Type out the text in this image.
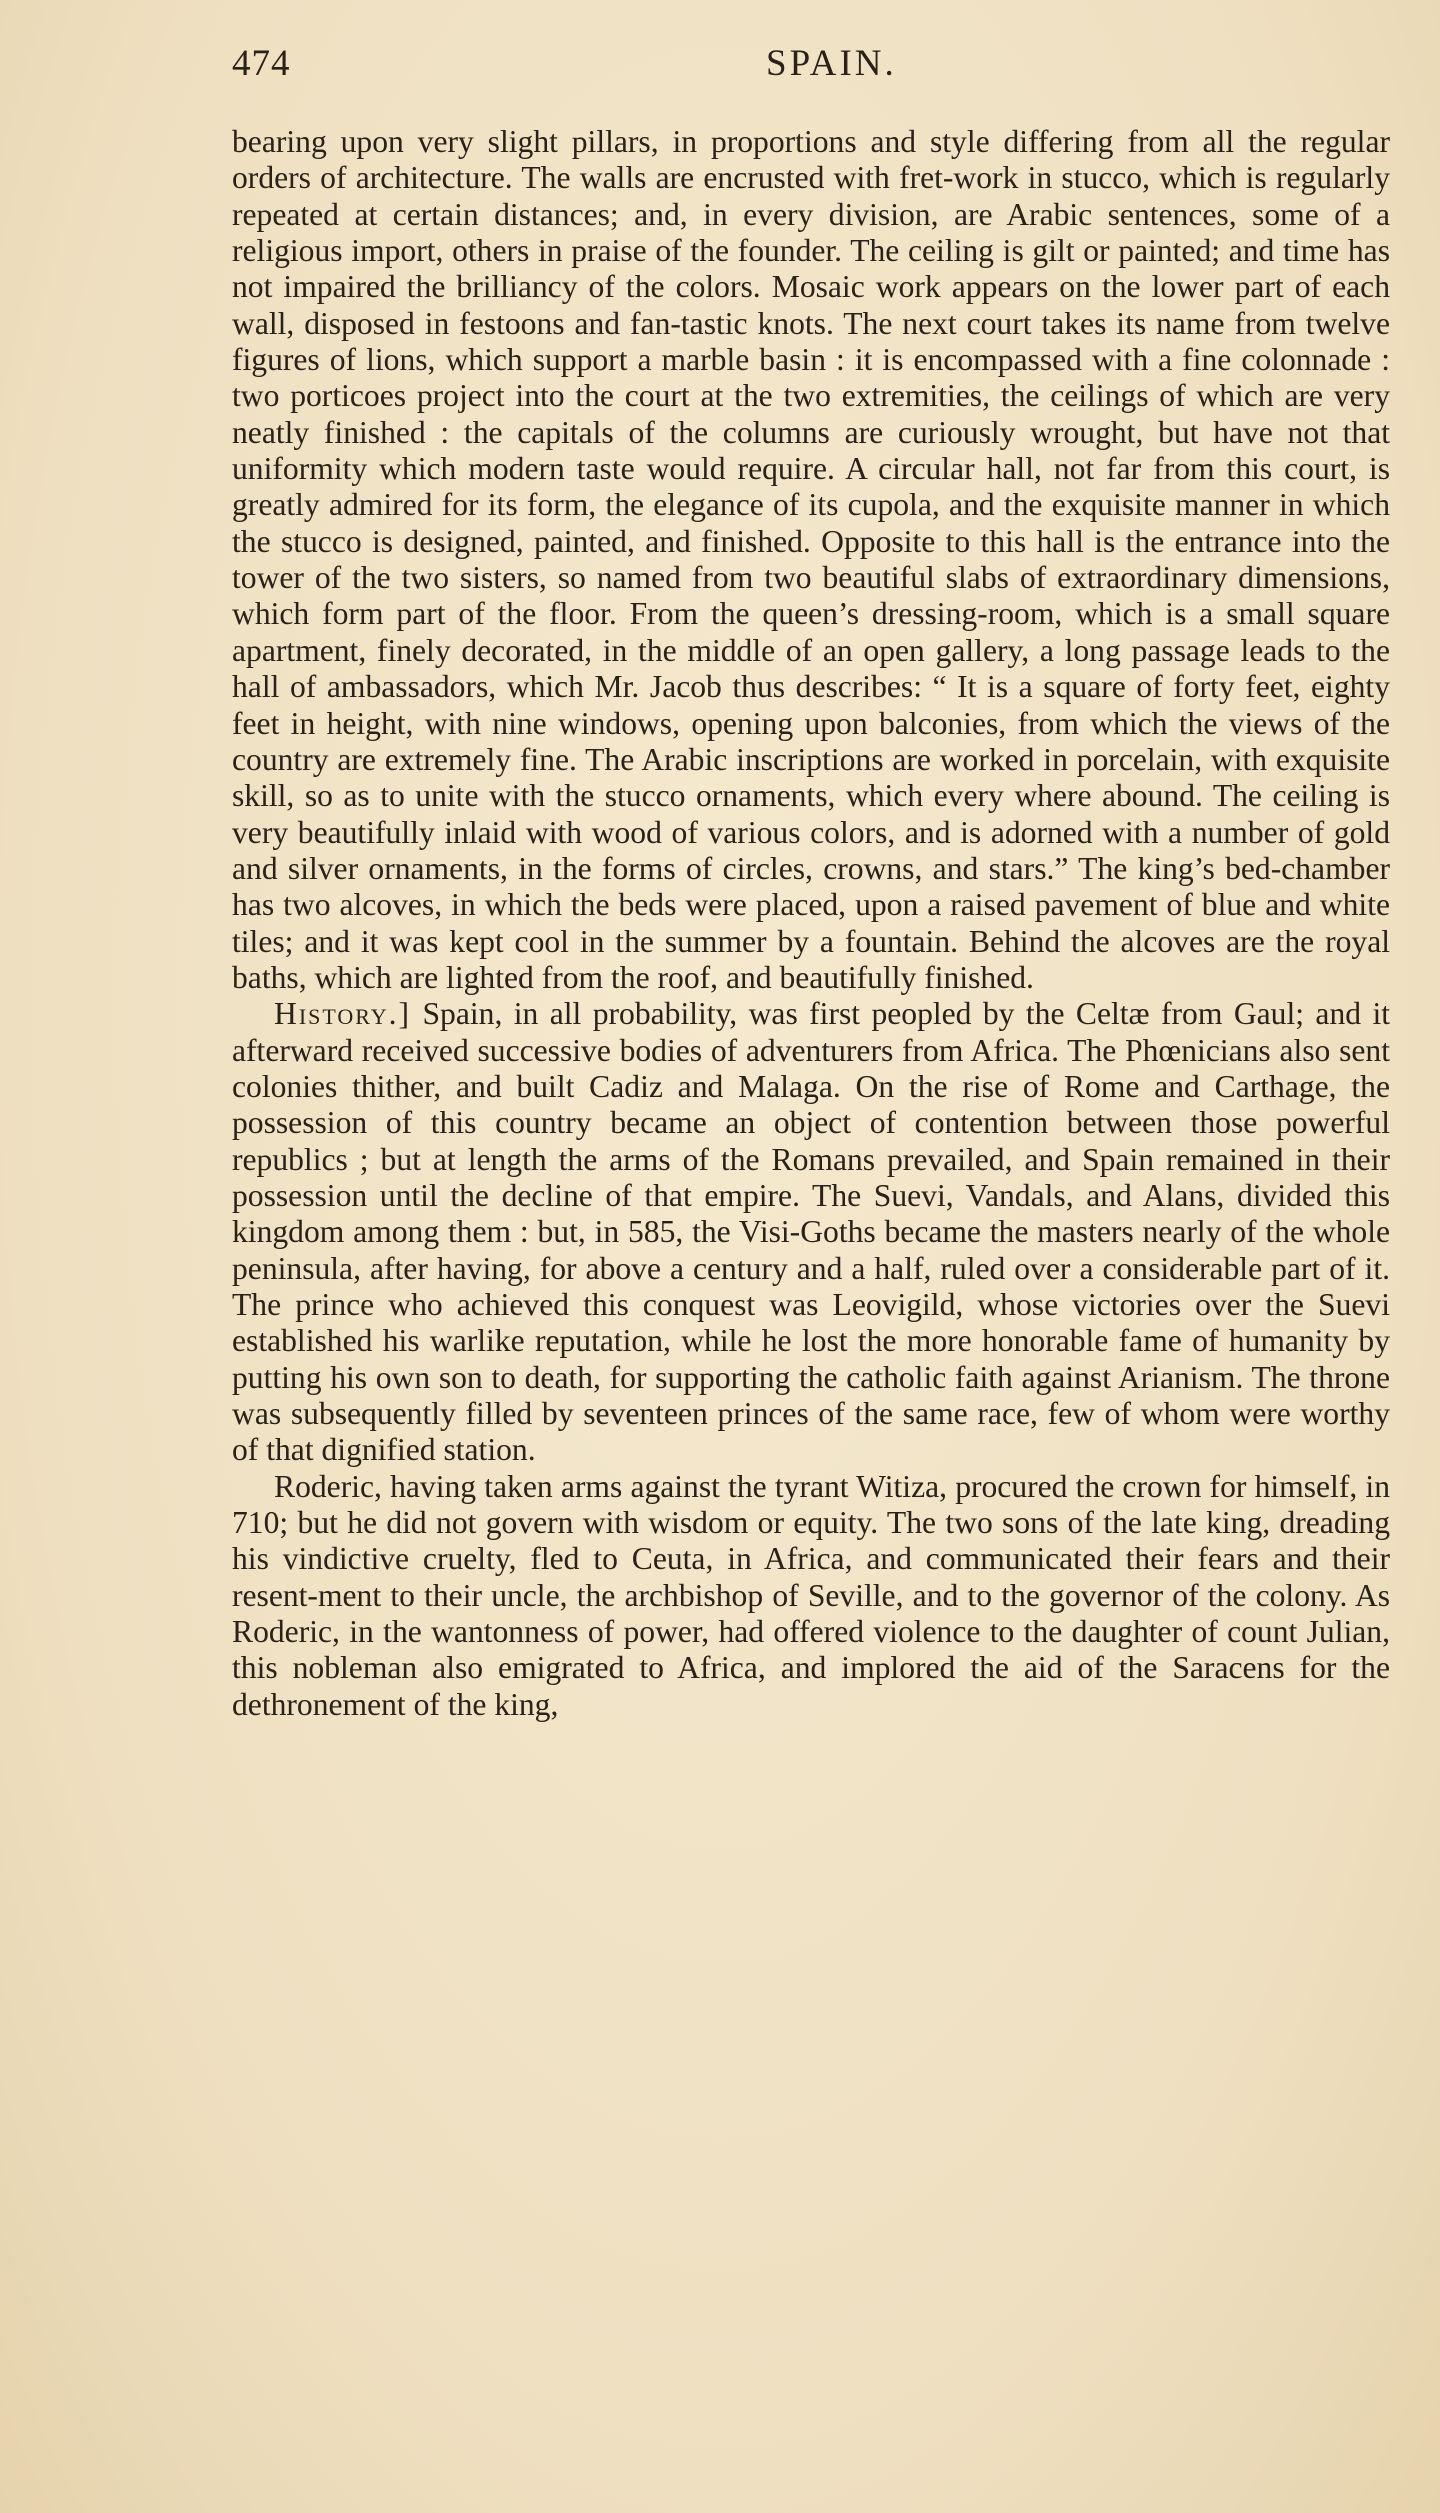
474	SPAIN.

bearing upon very slight pillars, in proportions and style differing from all the regular orders of architecture. The walls are encrusted with fret-work in stucco, which is regularly repeated at certain distances; and, in every division, are Arabic sentences, some of a religious import, others in praise of the founder. The ceiling is gilt or painted; and time has not impaired the brilliancy of the colors. Mosaic work appears on the lower part of each wall, disposed in festoons and fan-tastic knots. The next court takes its name from twelve figures of lions, which support a marble basin : it is encompassed with a fine colonnade : two porticoes project into the court at the two extremities, the ceilings of which are very neatly finished : the capitals of the columns are curiously wrought, but have not that uniformity which modern taste would require. A circular hall, not far from this court, is greatly admired for its form, the elegance of its cupola, and the exquisite manner in which the stucco is designed, painted, and finished. Opposite to this hall is the entrance into the tower of the two sisters, so named from two beautiful slabs of extraordinary dimensions, which form part of the floor. From the queen’s dressing-room, which is a small square apartment, finely decorated, in the middle of an open gallery, a long passage leads to the hall of ambassadors, which Mr. Jacob thus describes: “ It is a square of forty feet, eighty feet in height, with nine windows, opening upon balconies, from which the views of the country are extremely fine. The Arabic inscriptions are worked in porcelain, with exquisite skill, so as to unite with the stucco ornaments, which every where abound. The ceiling is very beautifully inlaid with wood of various colors, and is adorned with a number of gold and silver ornaments, in the forms of circles, crowns, and stars.” The king’s bed-chamber has two alcoves, in which the beds were placed, upon a raised pavement of blue and white tiles; and it was kept cool in the summer by a fountain. Behind the alcoves are the royal baths, which are lighted from the roof, and beautifully finished.

History.] Spain, in all probability, was first peopled by the Celtæ from Gaul; and it afterward received successive bodies of adventurers from Africa. The Phœnicians also sent colonies thither, and built Cadiz and Malaga. On the rise of Rome and Carthage, the possession of this country became an object of contention between those powerful republics ; but at length the arms of the Romans prevailed, and Spain remained in their possession until the decline of that empire. The Suevi, Vandals, and Alans, divided this kingdom among them : but, in 585, the Visi-Goths became the masters nearly of the whole peninsula, after having, for above a century and a half, ruled over a considerable part of it. The prince who achieved this conquest was Leovigild, whose victories over the Suevi established his warlike reputation, while he lost the more honorable fame of humanity by putting his own son to death, for supporting the catholic faith against Arianism. The throne was subsequently filled by seventeen princes of the same race, few of whom were worthy of that dignified station.

Roderic, having taken arms against the tyrant Witiza, procured the crown for himself, in 710; but he did not govern with wisdom or equity. The two sons of the late king, dreading his vindictive cruelty, fled to Ceuta, in Africa, and communicated their fears and their resent-ment to their uncle, the archbishop of Seville, and to the governor of the colony. As Roderic, in the wantonness of power, had offered violence to the daughter of count Julian, this nobleman also emigrated to Africa, and implored the aid of the Saracens for the dethronement of the king,
